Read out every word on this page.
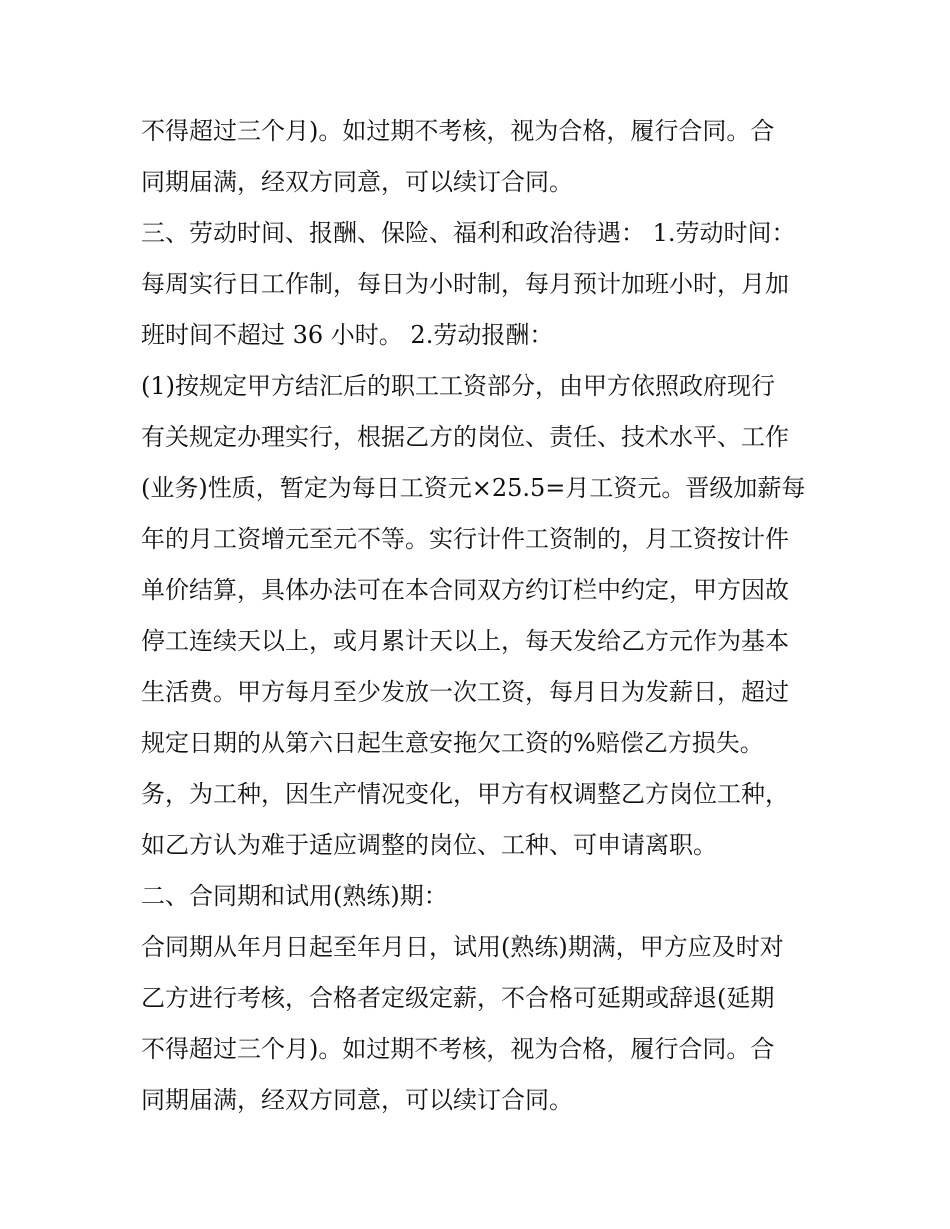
不得超过三个月)。如过期不考核，视为合格，履行合同。合
同期届满，经双方同意，可以续订合同。
三、劳动时间、报酬、保险、福利和政治待遇： 1.劳动时间：
每周实行日工作制，每日为小时制，每月预计加班小时，月加
班时间不超过 36 小时。 2.劳动报酬：
(1)按规定甲方结汇后的职工工资部分，由甲方依照政府现行
有关规定办理实行，根据乙方的岗位、责任、技术水平、工作
(业务)性质，暂定为每日工资元×25.5=月工资元。晋级加薪每
年的月工资增元至元不等。实行计件工资制的，月工资按计件
单价结算，具体办法可在本合同双方约订栏中约定，甲方因故
停工连续天以上，或月累计天以上，每天发给乙方元作为基本
生活费。甲方每月至少发放一次工资，每月日为发薪日，超过
规定日期的从第六日起生意安拖欠工资的%赔偿乙方损失。
务，为工种，因生产情况变化，甲方有权调整乙方岗位工种，
如乙方认为难于适应调整的岗位、工种、可申请离职。
二、合同期和试用(熟练)期：
合同期从年月日起至年月日，试用(熟练)期满，甲方应及时对
乙方进行考核，合格者定级定薪，不合格可延期或辞退(延期
不得超过三个月)。如过期不考核，视为合格，履行合同。合
同期届满，经双方同意，可以续订合同。
